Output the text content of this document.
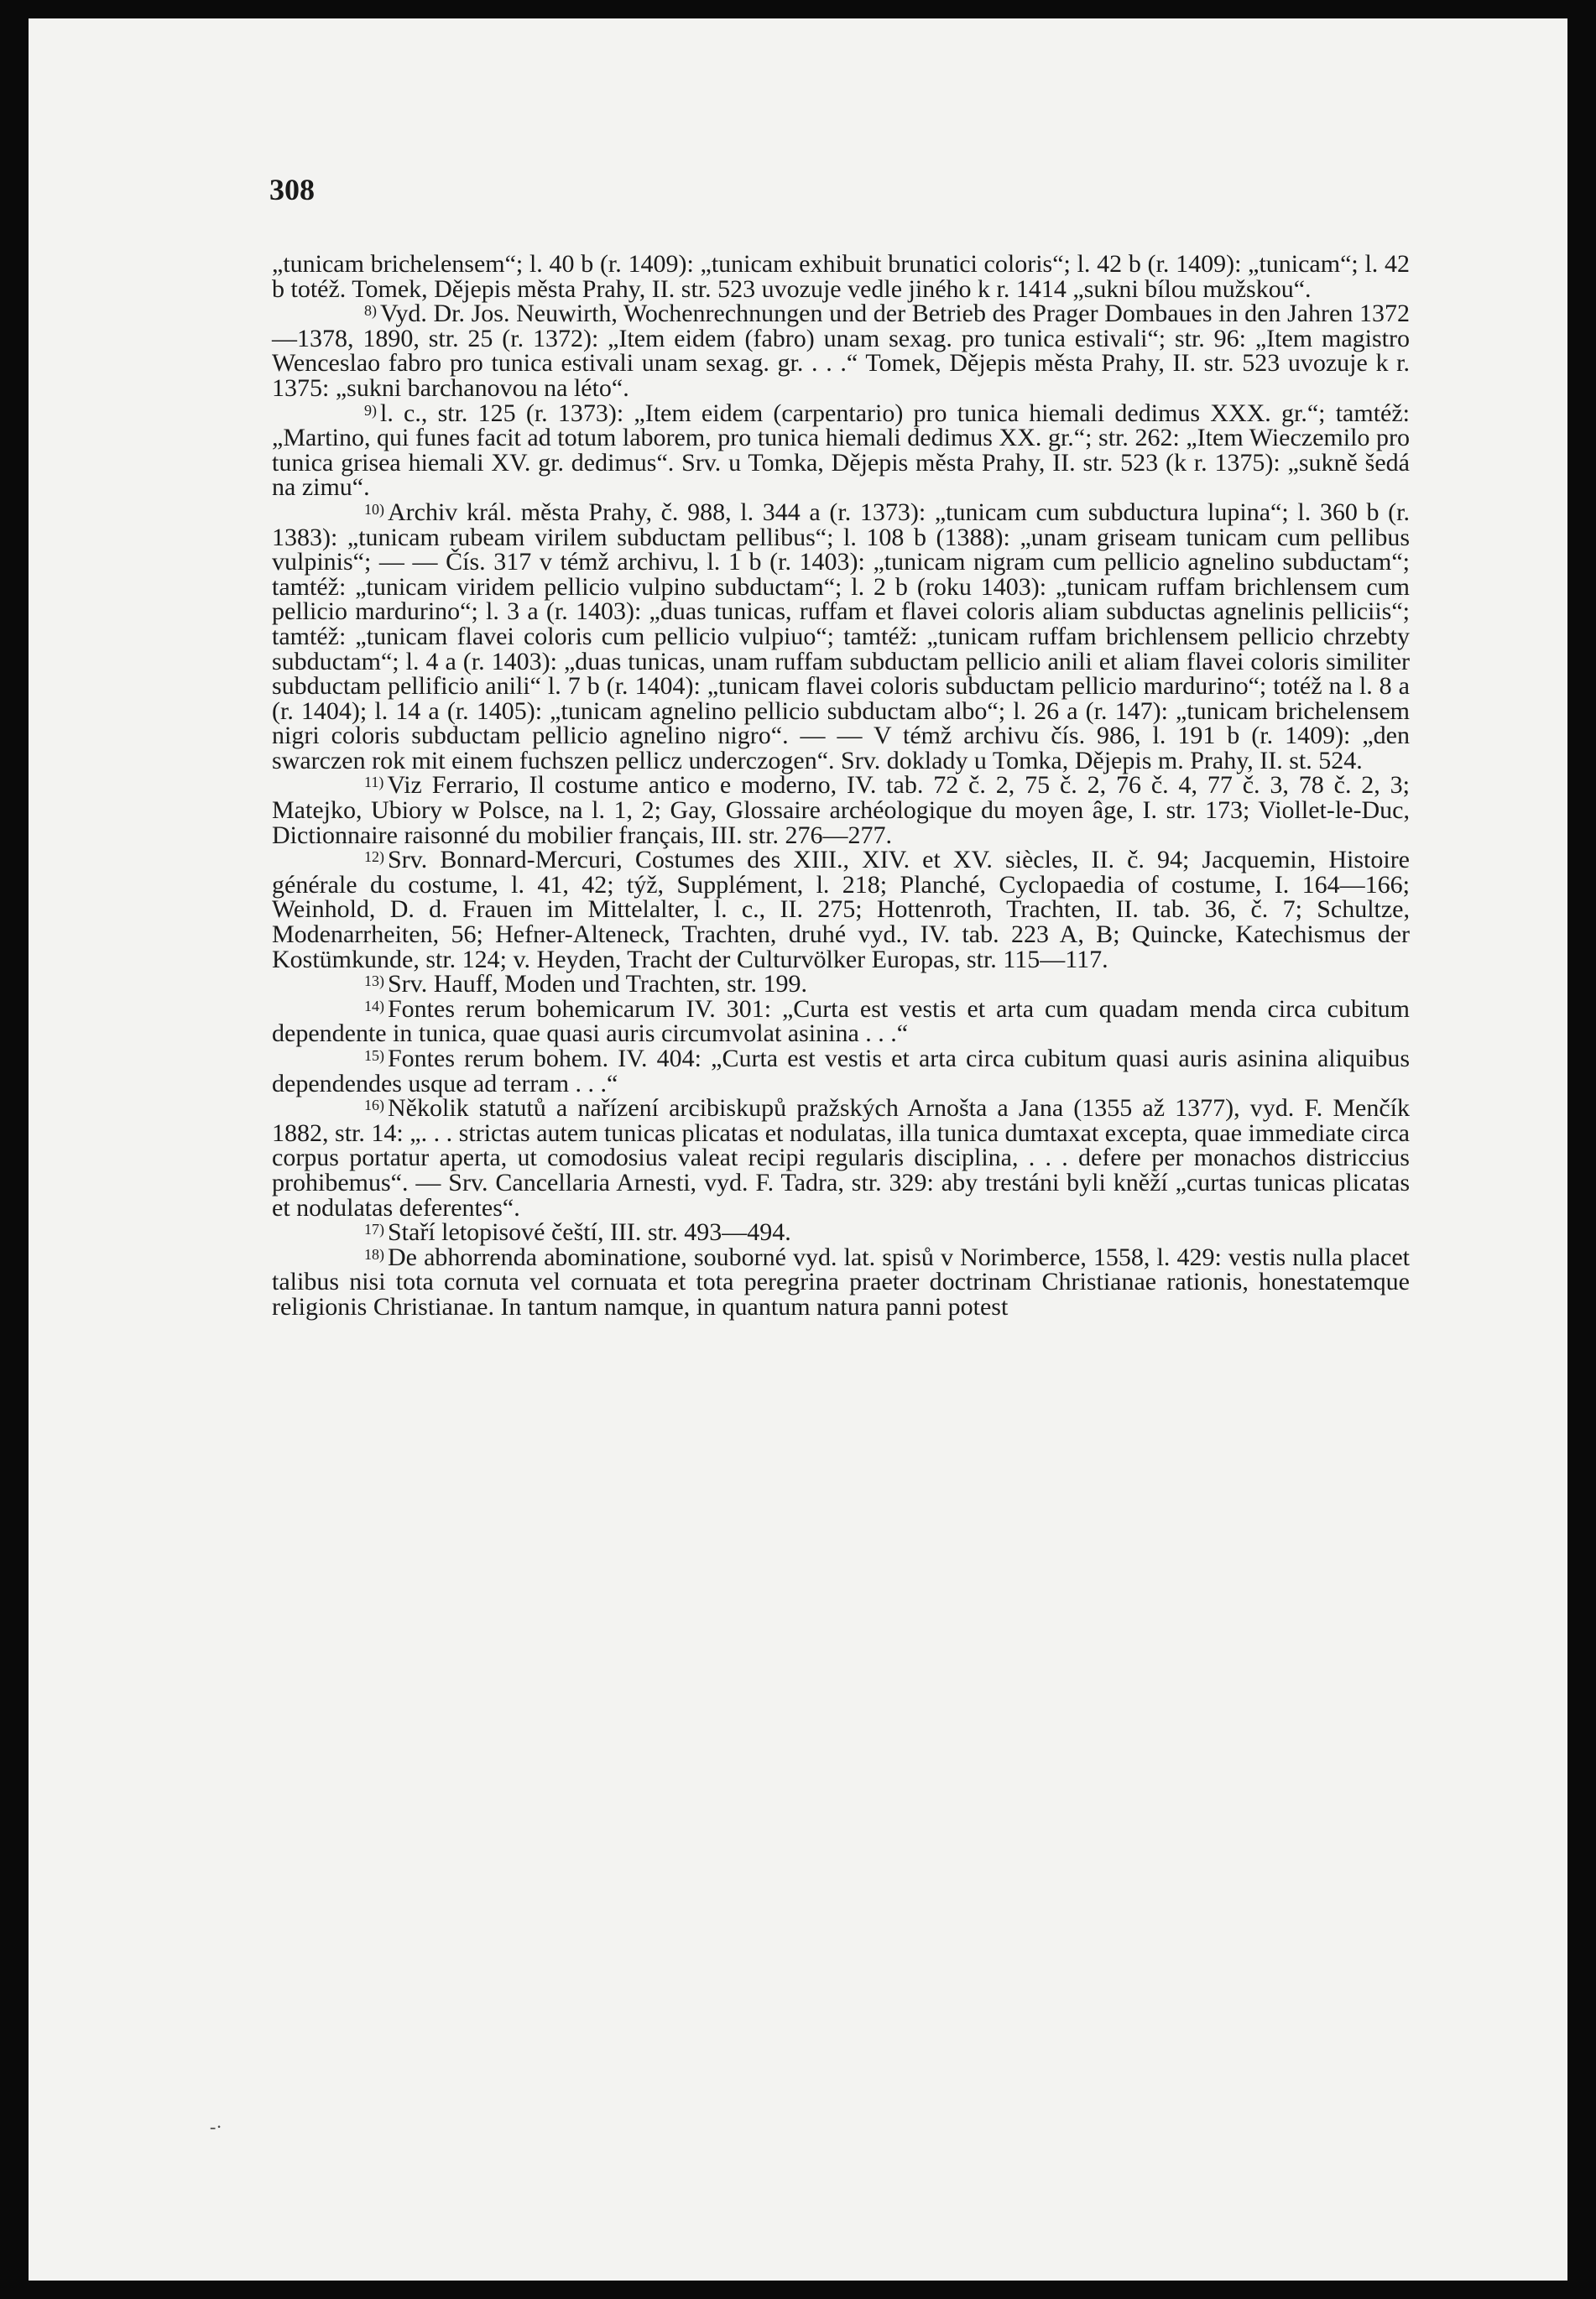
308

„tunicam brichelensem“; l. 40 b (r. 1409): „tunicam exhibuit brunatici coloris“; l. 42 b (r. 1409): „tunicam“; l. 42 b totéž. Tomek, Dějepis města Prahy, II. str. 523 uvozuje vedle jiného k r. 1414 „sukni bílou mužskou“.

$^{8)}$ Vyd. Dr. Jos. Neuwirth, Wochenrechnungen und der Betrieb des Prager Dombaues in den Jahren 1372—1378, 1890, str. 25 (r. 1372): „Item eidem (fabro) unam sexag. pro tunica estivali“; str. 96: „Item magistro Wenceslao fabro pro tunica estivali unam sexag. gr. . . .“ Tomek, Dějepis města Prahy, II. str. 523 uvozuje k r. 1375: „sukni barchanovou na léto“.

$^{9)}$ l. c., str. 125 (r. 1373): „Item eidem (carpentario) pro tunica hiemali dedimus XXX. gr.“; tamtéž: „Martino, qui funes facit ad totum laborem, pro tunica hiemali dedimus XX. gr.“; str. 262: „Item Wieczemilo pro tunica grisea hiemali XV. gr. dedimus“. Srv. u Tomka, Dějepis města Prahy, II. str. 523 (k r. 1375): „sukně šedá na zimu“.

$^{10)}$ Archiv král. města Prahy, č. 988, l. 344 a (r. 1373): „tunicam cum subductura lupina“; l. 360 b (r. 1383): „tunicam rubeam virilem subductam pellibus“; l. 108 b (1388): „unam griseam tunicam cum pellibus vulpinis“; — — Čís. 317 v témž archivu, l. 1 b (r. 1403): „tunicam nigram cum pellicio agnelino subductam“; tamtéž: „tunicam viridem pellicio vulpino subductam“; l. 2 b (roku 1403): „tunicam ruffam brichlensem cum pellicio mardurino“; l. 3 a (r. 1403): „duas tunicas, ruffam et flavei coloris aliam subductas agnelinis pelliciis“; tamtéž: „tunicam flavei coloris cum pellicio vulpiuo“; tamtéž: „tunicam ruffam brichlensem pellicio chrzebty subductam“; l. 4 a (r. 1403): „duas tunicas, unam ruffam subductam pellicio anili et aliam flavei coloris similiter subductam pellificio anili“ l. 7 b (r. 1404): „tunicam flavei coloris subductam pellicio mardurino“; totéž na l. 8 a (r. 1404); l. 14 a (r. 1405): „tunicam agnelino pellicio subductam albo“; l. 26 a (r. 147): „tunicam brichelensem nigri coloris subductam pellicio agnelino nigro“. — — V témž archivu čís. 986, l. 191 b (r. 1409): „den swarczen rok mit einem fuchszen pellicz underczogen“. Srv. doklady u Tomka, Dějepis m. Prahy, II. st. 524.

$^{11)}$ Viz Ferrario, Il costume antico e moderno, IV. tab. 72 č. 2, 75 č. 2, 76 č. 4, 77 č. 3, 78 č. 2, 3; Matejko, Ubiory w Polsce, na l. 1, 2; Gay, Glossaire archéologique du moyen âge, I. str. 173; Viollet-le-Duc, Dictionnaire raisonné du mobilier français, III. str. 276—277.

$^{12)}$ Srv. Bonnard-Mercuri, Costumes des XIII., XIV. et XV. siècles, II. č. 94; Jacquemin, Histoire générale du costume, l. 41, 42; týž, Supplément, l. 218; Planché, Cyclopaedia of costume, I. 164—166; Weinhold, D. d. Frauen im Mittelalter, l. c., II. 275; Hottenroth, Trachten, II. tab. 36, č. 7; Schultze, Modenarrheiten, 56; Hefner-Alteneck, Trachten, druhé vyd., IV. tab. 223 A, B; Quincke, Katechismus der Kostümkunde, str. 124; v. Heyden, Tracht der Culturvölker Europas, str. 115—117.

$^{13)}$ Srv. Hauff, Moden und Trachten, str. 199.

$^{14)}$ Fontes rerum bohemicarum IV. 301: „Curta est vestis et arta cum quadam menda circa cubitum dependente in tunica, quae quasi auris circumvolat asinina . . .“

$^{15)}$ Fontes rerum bohem. IV. 404: „Curta est vestis et arta circa cubitum quasi auris asinina aliquibus dependendes usque ad terram . . .“

$^{16)}$ Několik statutů a nařízení arcibiskupů pražských Arnošta a Jana (1355 až 1377), vyd. F. Menčík 1882, str. 14: „. . . strictas autem tunicas plicatas et nodulatas, illa tunica dumtaxat excepta, quae immediate circa corpus portatur aperta, ut comodosius valeat recipi regularis disciplina, . . . defere per monachos districcius prohibemus“. — Srv. Cancellaria Arnesti, vyd. F. Tadra, str. 329: aby trestáni byli kněží „curtas tunicas plicatas et nodulatas deferentes“.

$^{17)}$ Staří letopisové čeští, III. str. 493—494.

$^{18)}$ De abhorrenda abominatione, souborné vyd. lat. spisů v Norimberce, 1558, l. 429: vestis nulla placet talibus nisi tota cornuta vel cornuata et tota peregrina praeter doctrinam Christianae rationis, honestatemque religionis Christianae. In tantum namque, in quantum natura panni potest

-·
